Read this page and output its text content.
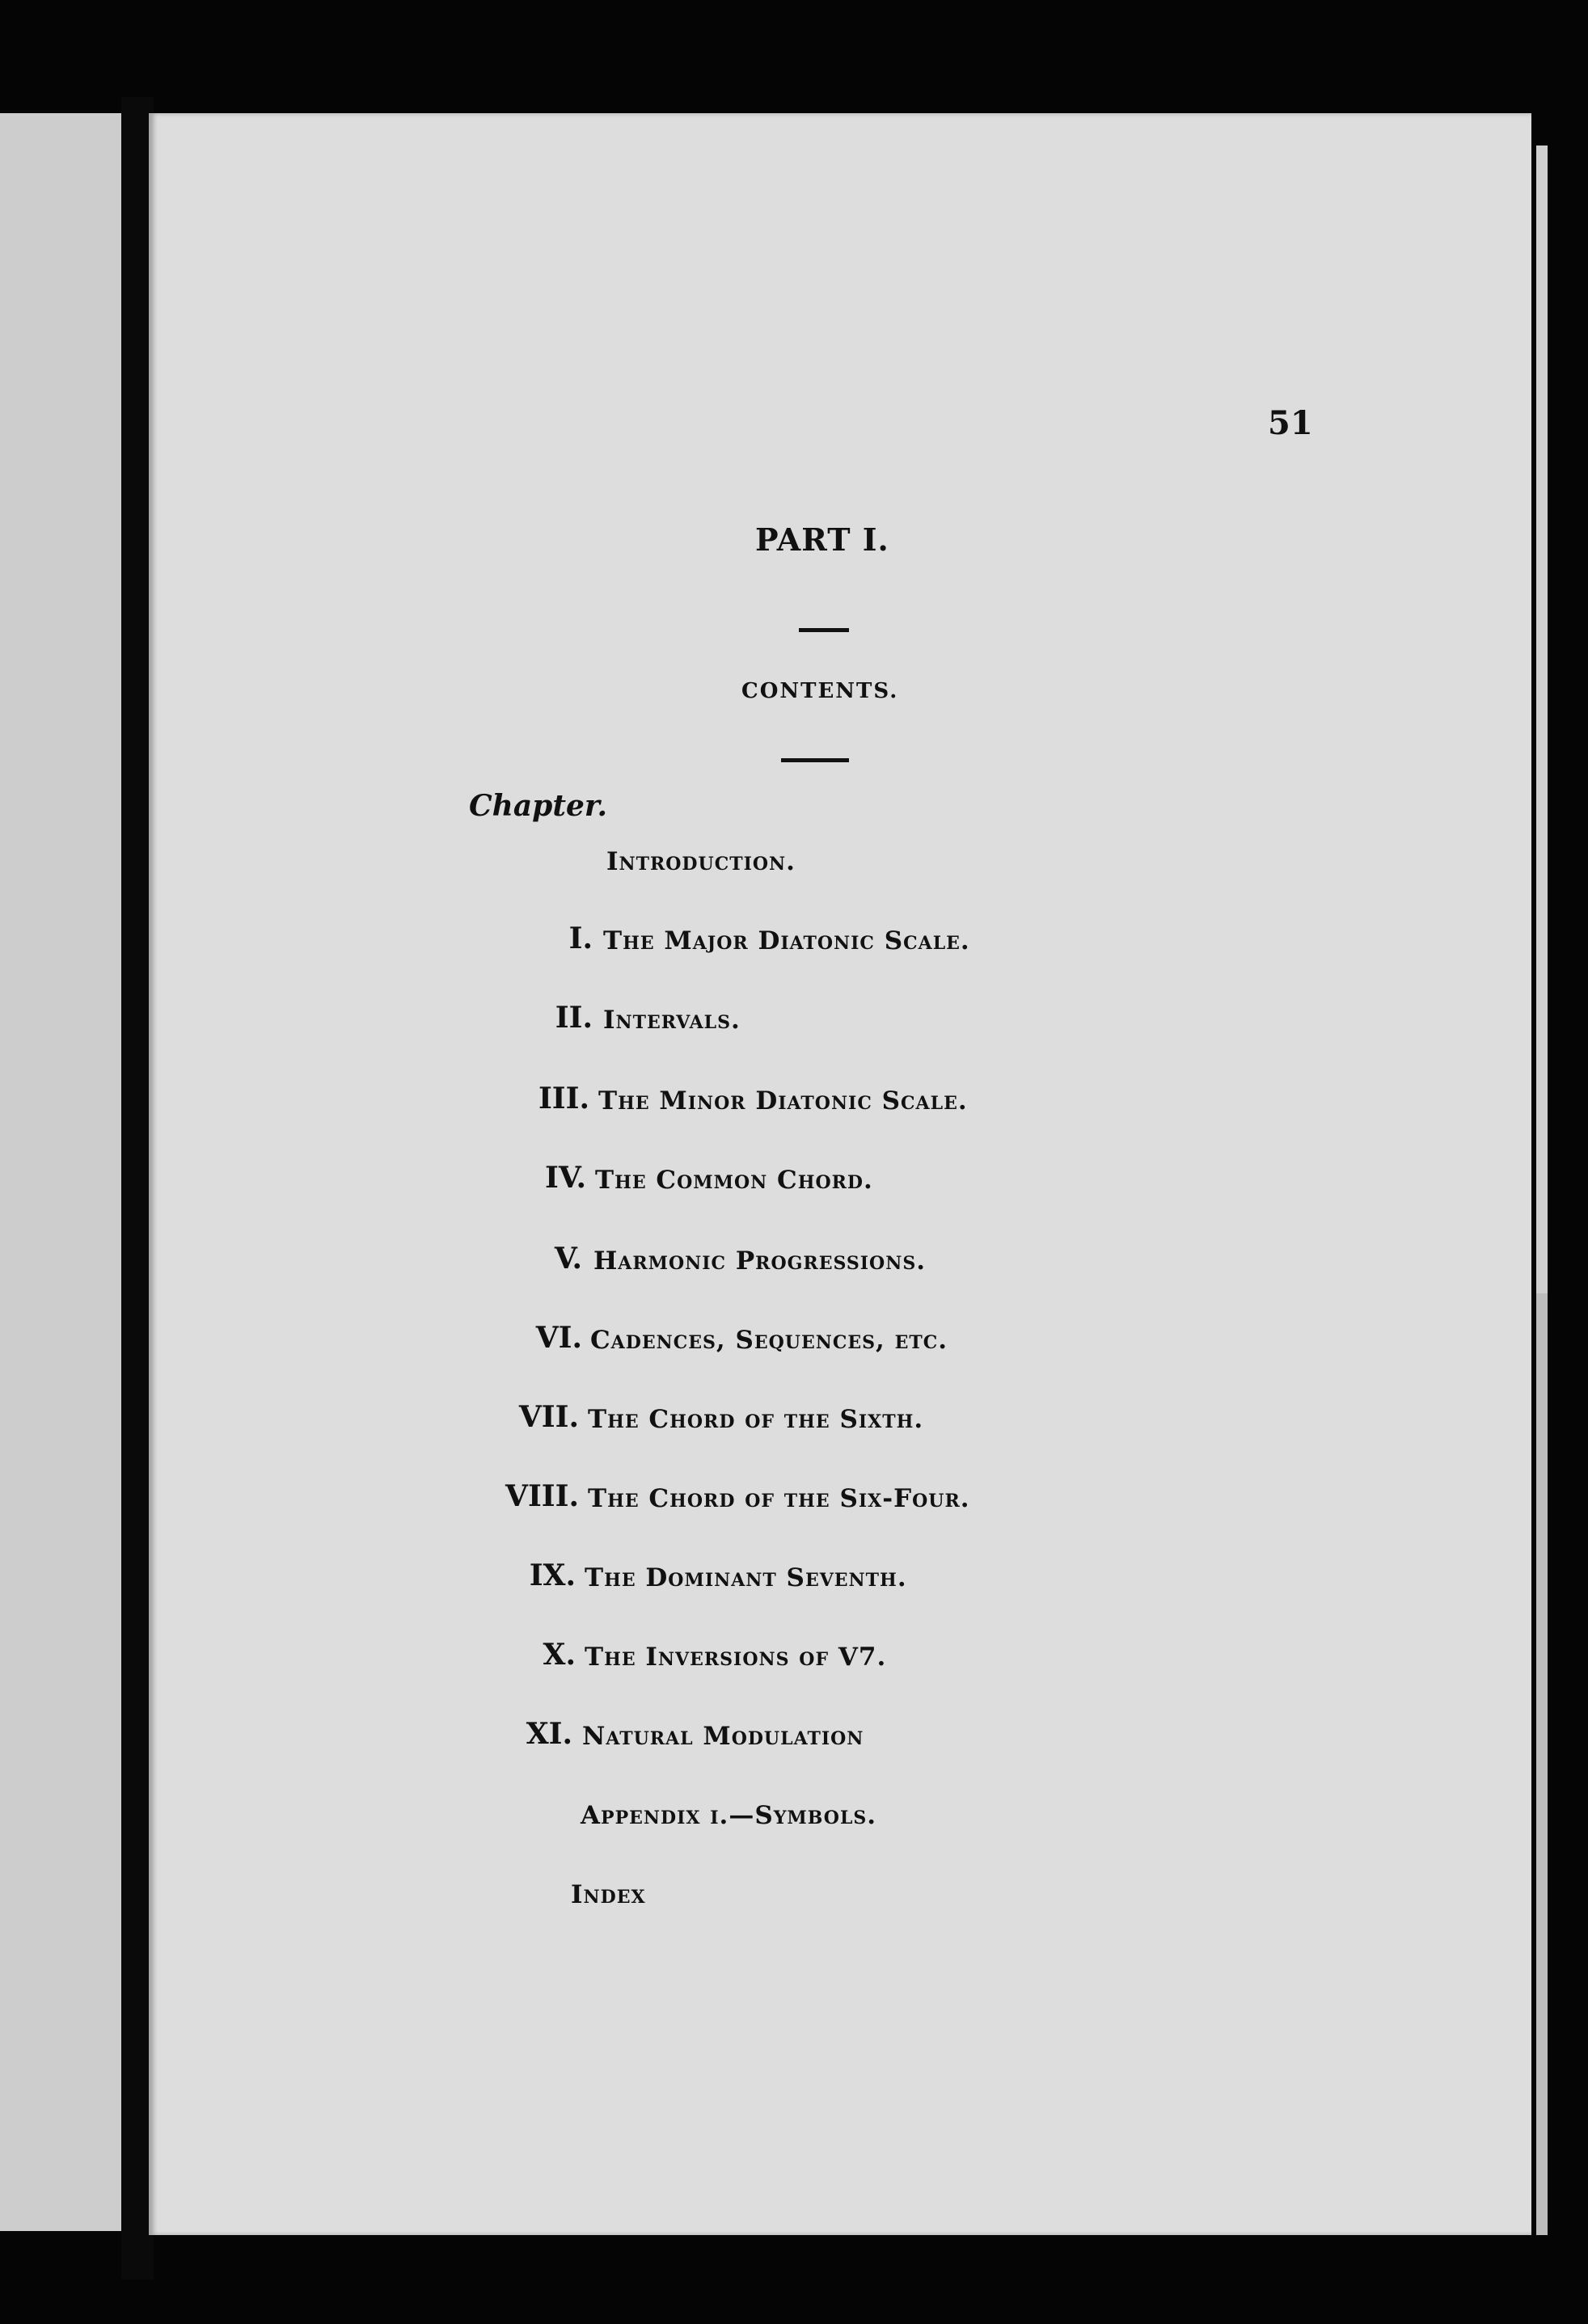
51
PART I.
CONTENTS.
Chapter.
Introduction.
I. The Major Diatonic Scale.
II. Intervals.
III. The Minor Diatonic Scale.
IV. The Common Chord.
V. Harmonic Progressions.
VI. Cadences, Sequences, etc.
VII. The Chord of the Sixth.
VIII. The Chord of the Six-Four.
IX. The Dominant Seventh.
X. The Inversions of V7.
XI. Natural Modulation
Appendix i.—Symbols.
Index
